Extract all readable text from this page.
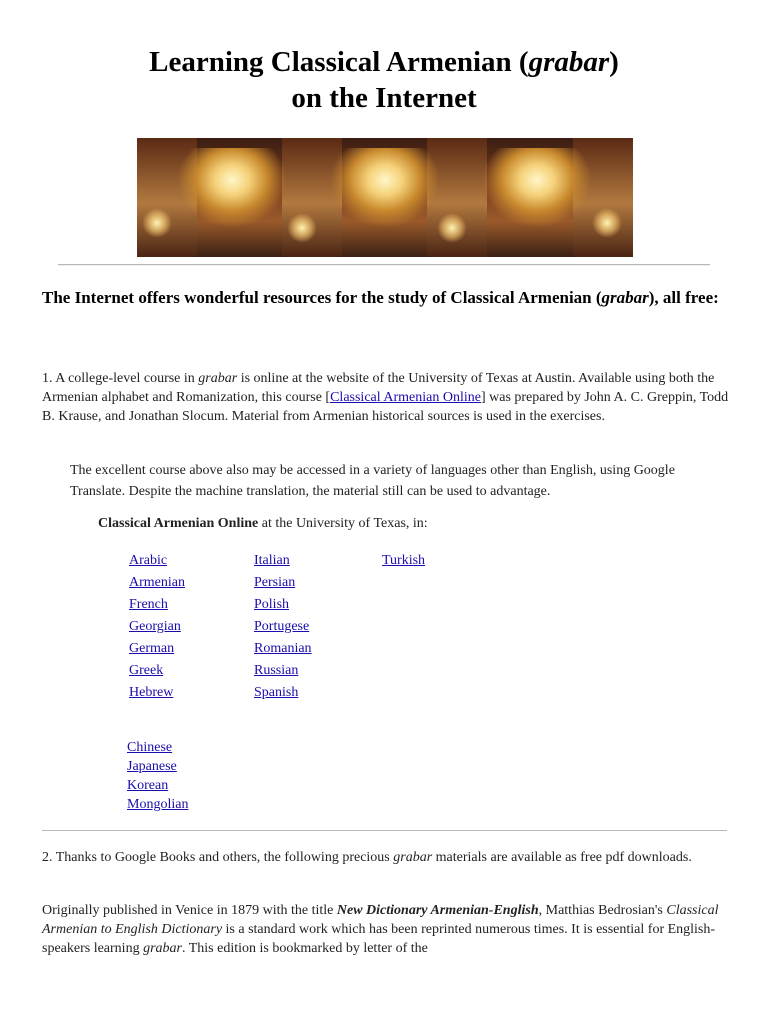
Learning Classical Armenian (grabar)
on the Internet
The Internet offers wonderful resources for the study of Classical Armenian (grabar), all free:
1. A college-level course in grabar is online at the website of the University of Texas at Austin. Available using both the Armenian alphabet and Romanization, this course [Classical Armenian Online] was prepared by John A. C. Greppin, Todd B. Krause, and Jonathan Slocum. Material from Armenian historical sources is used in the exercises.
The excellent course above also may be accessed in a variety of languages other than English, using Google Translate. Despite the machine translation, the material still can be used to advantage.
Classical Armenian Online at the University of Texas, in:
Arabic
Armenian
French
Georgian
German
Greek
Hebrew
Italian
Persian
Polish
Portugese
Romanian
Russian
Spanish
Turkish
Chinese
Japanese
Korean
Mongolian
2. Thanks to Google Books and others, the following precious grabar materials are available as free pdf downloads.
Originally published in Venice in 1879 with the title New Dictionary Armenian-English, Matthias Bedrosian's Classical Armenian to English Dictionary is a standard work which has been reprinted numerous times. It is essential for English-speakers learning grabar. This edition is bookmarked by letter of the
